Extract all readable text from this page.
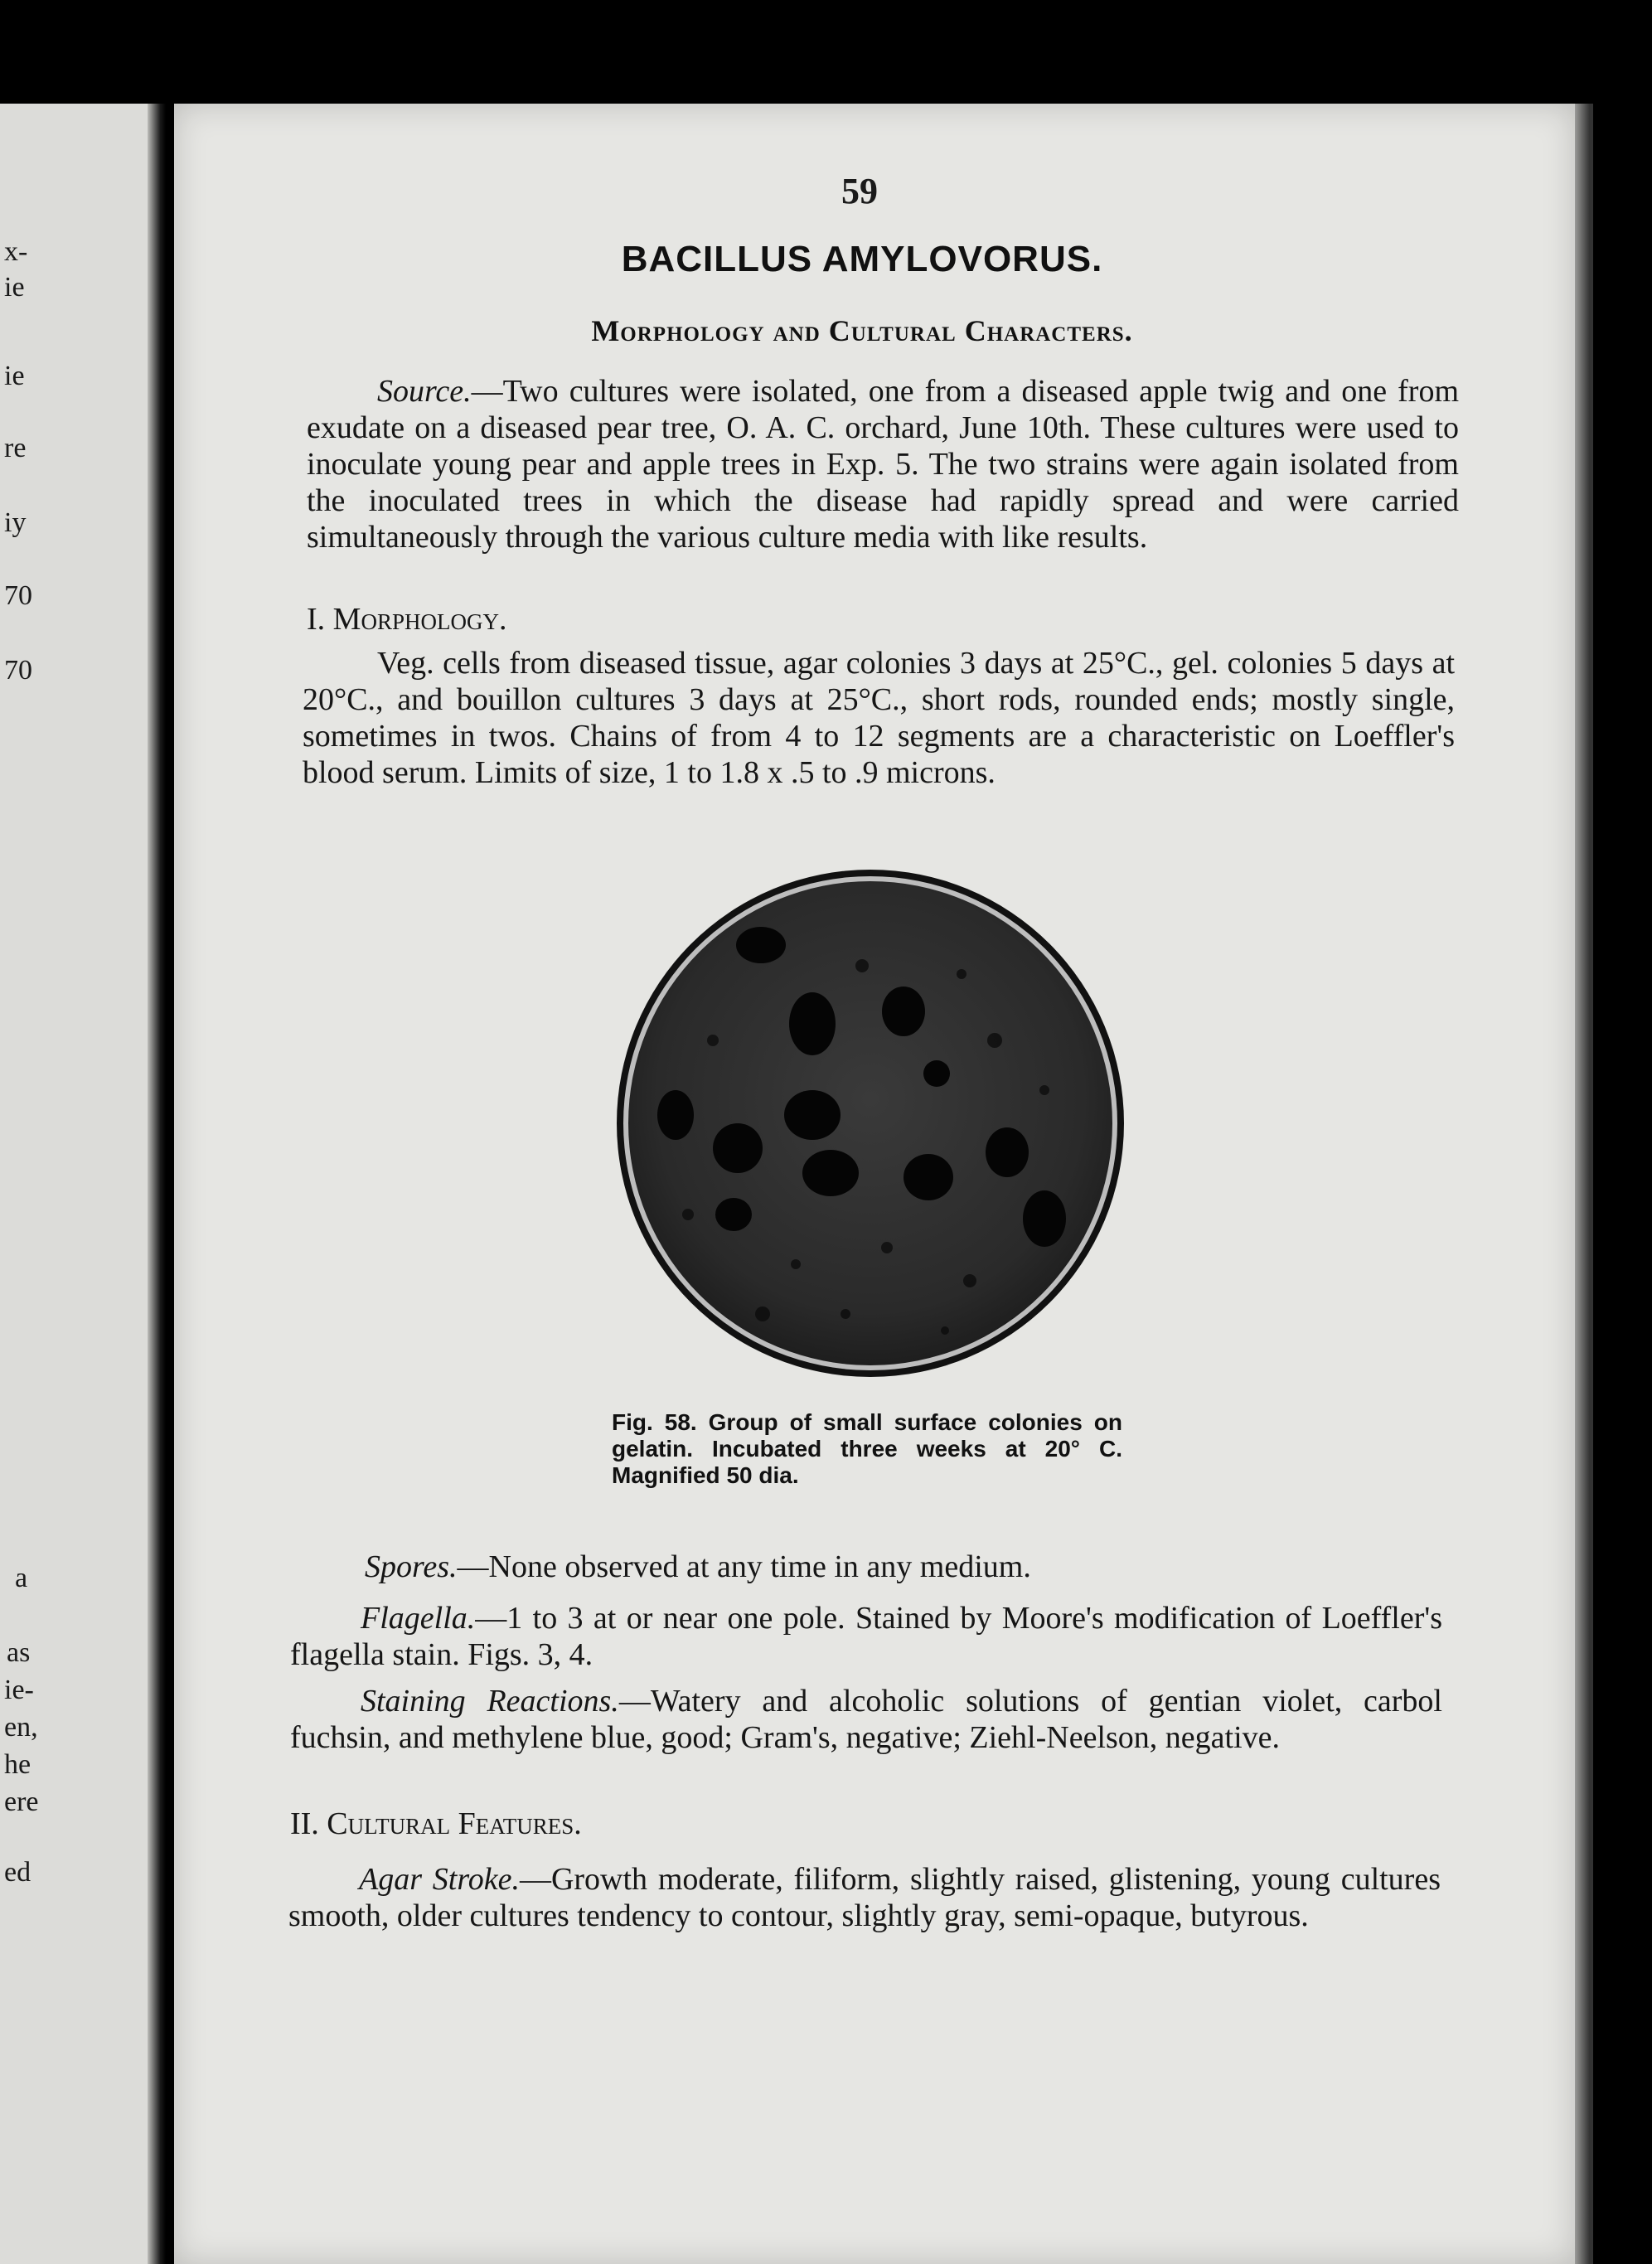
x-
ie
ie
re
iy
70
70
a
as
ie-
en,
he
ere
ed
59
BACILLUS AMYLOVORUS.
Morphology and Cultural Characters.

Source.—Two cultures were isolated, one from a diseased apple twig and one from exudate on a diseased pear tree, O. A. C. orchard, June 10th. These cultures were used to inoculate young pear and apple trees in Exp. 5. The two strains were again isolated from the inoculated trees in which the disease had rapidly spread and were carried simultaneously through the various culture media with like results.

I. Morphology.

Veg. cells from diseased tissue, agar colonies 3 days at 25°C., gel. colonies 5 days at 20°C., and bouillon cultures 3 days at 25°C., short rods, rounded ends; mostly single, sometimes in twos. Chains of from 4 to 12 segments are a characteristic on Loeffler's blood serum. Limits of size, 1 to 1.8 x .5 to .9 microns.

Fig. 58. Group of small surface colonies on gelatin. Incubated three weeks at 20° C. Magnified 50 dia.

Spores.—None observed at any time in any medium.

Flagella.—1 to 3 at or near one pole. Stained by Moore's modification of Loeffler's flagella stain. Figs. 3, 4.

Staining Reactions.—Watery and alcoholic solutions of gentian violet, carbol fuchsin, and methylene blue, good; Gram's, negative; Ziehl-Neelson, negative.

II. Cultural Features.

Agar Stroke.—Growth moderate, filiform, slightly raised, glistening, young cultures smooth, older cultures tendency to contour, slightly gray, semi-opaque, butyrous.
